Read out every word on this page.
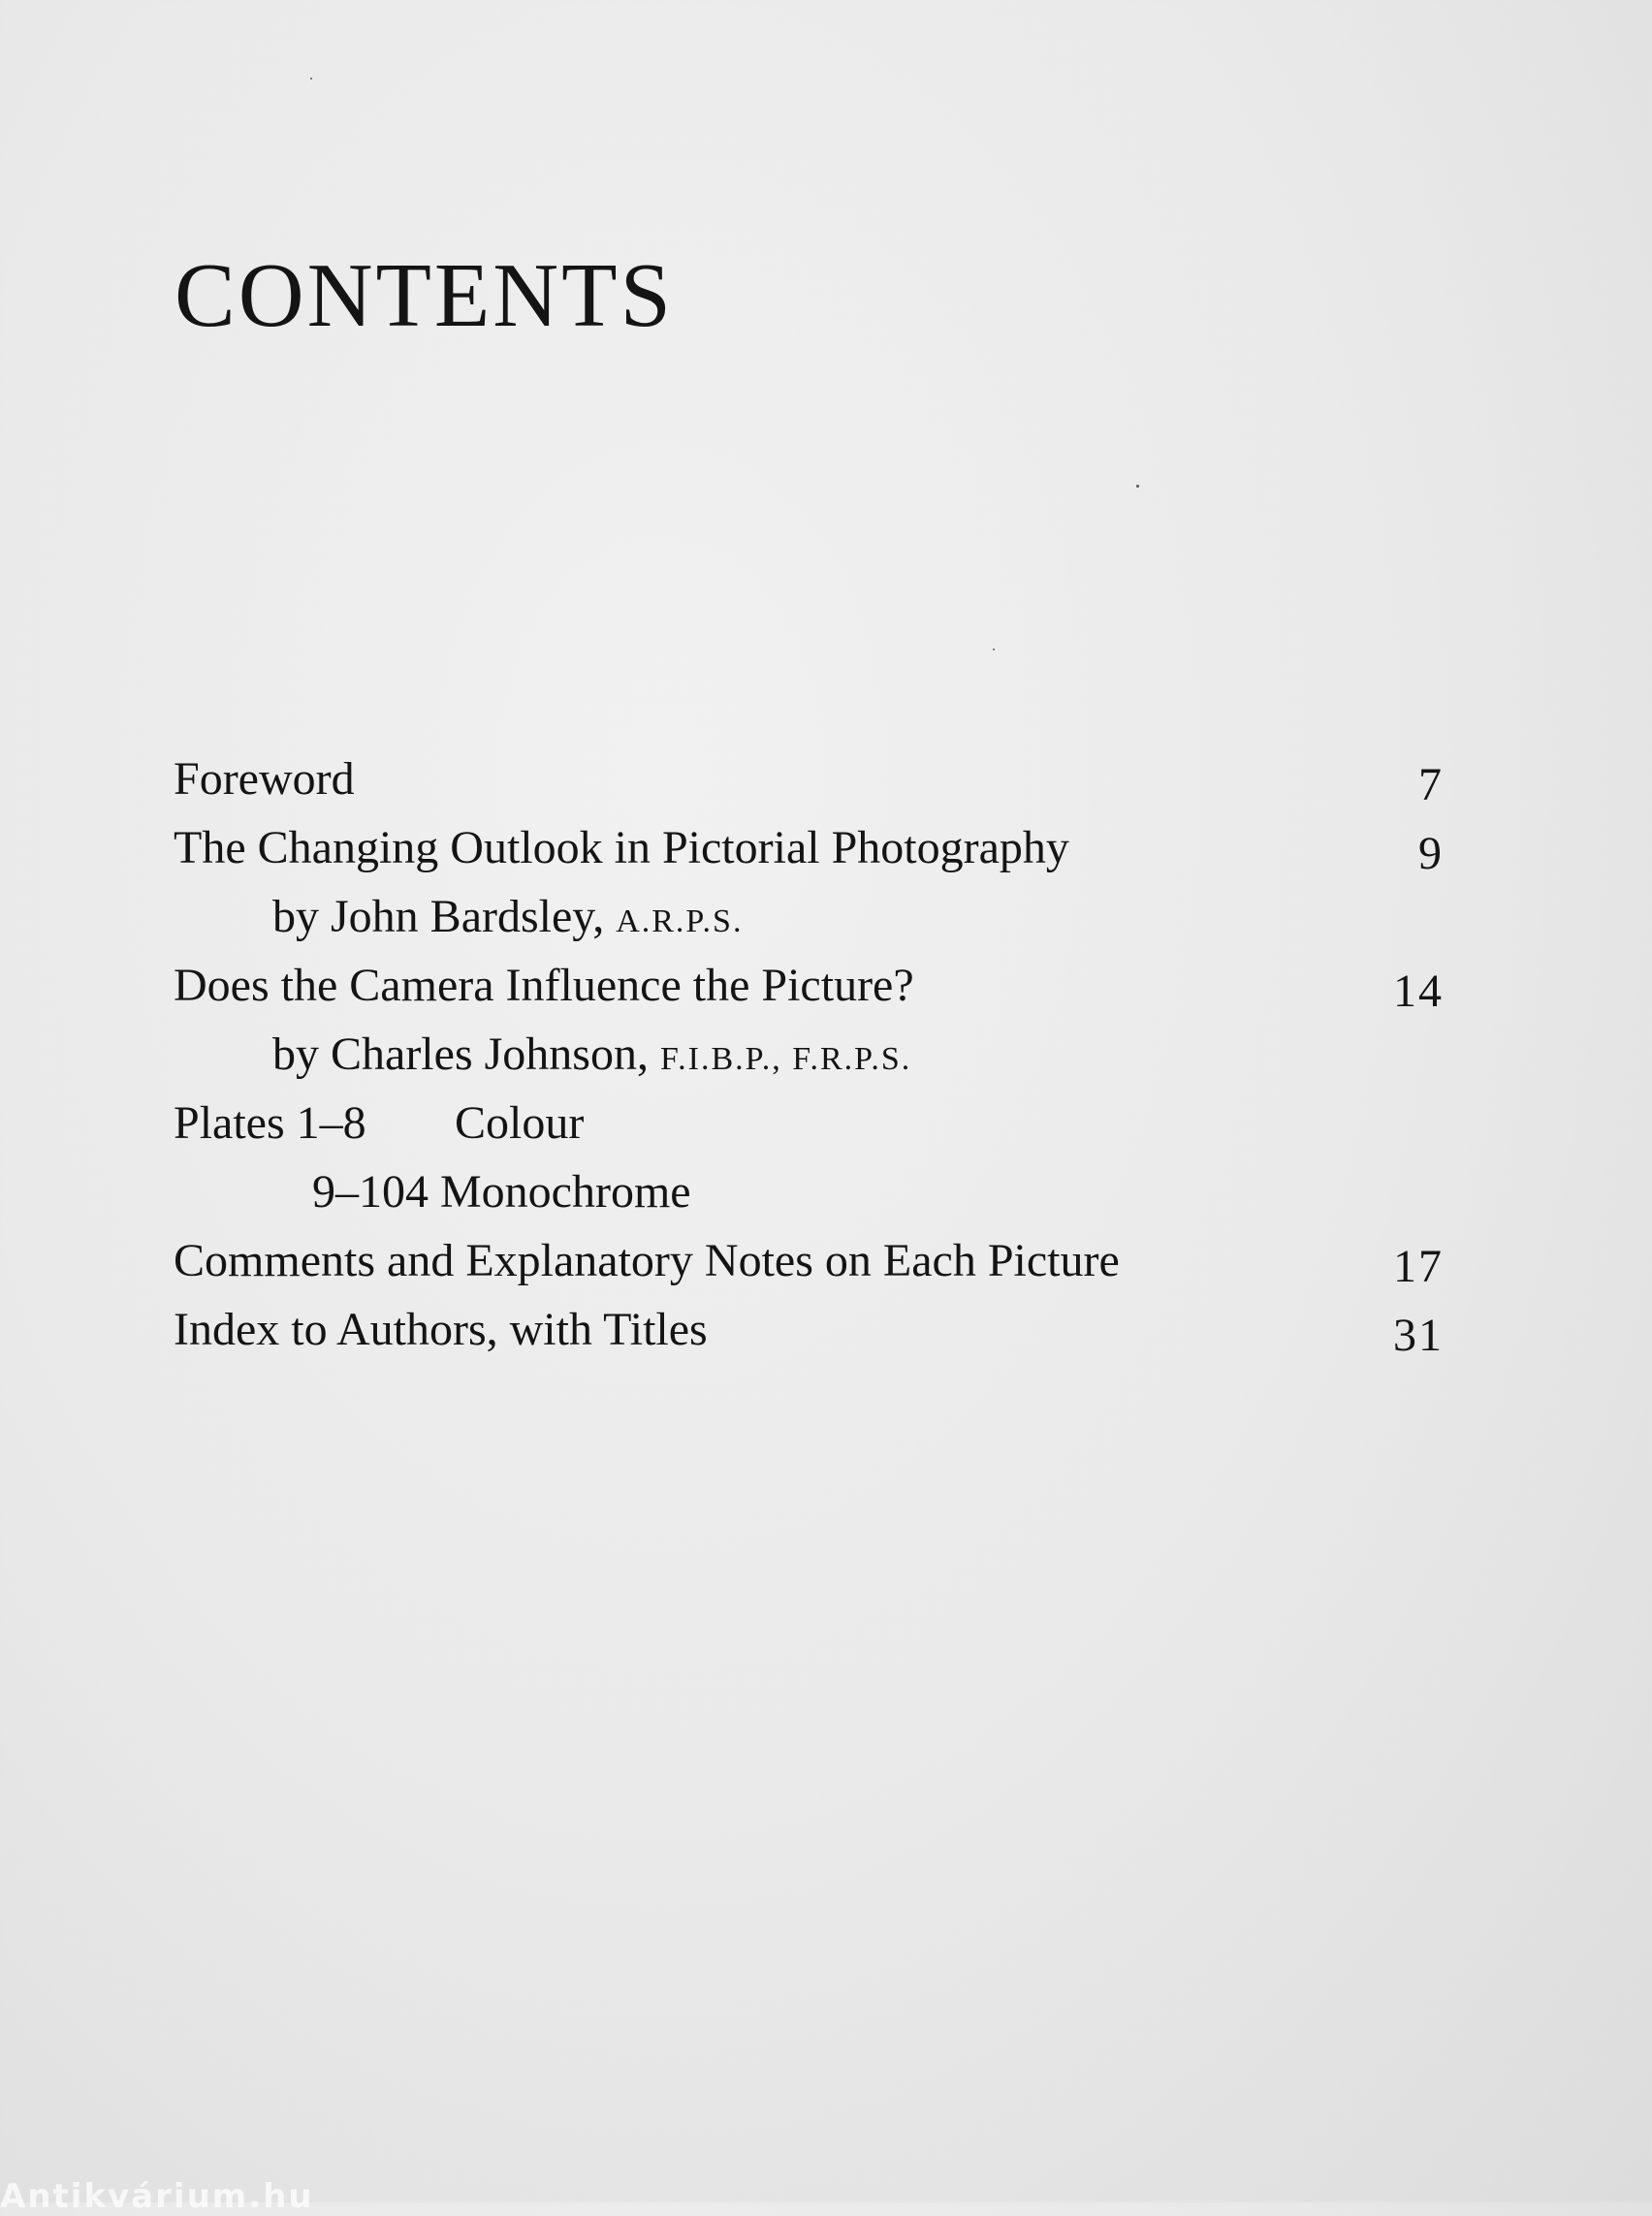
CONTENTS
Foreword	7
The Changing Outlook in Pictorial Photography	9
by John Bardsley, A.R.P.S.
Does the Camera Influence the Picture?	14
by Charles Johnson, F.I.B.P., F.R.P.S.
Plates 1–8 Colour
9–104 Monochrome
Comments and Explanatory Notes on Each Picture	17
Index to Authors, with Titles	31
Antikvárium.hu
